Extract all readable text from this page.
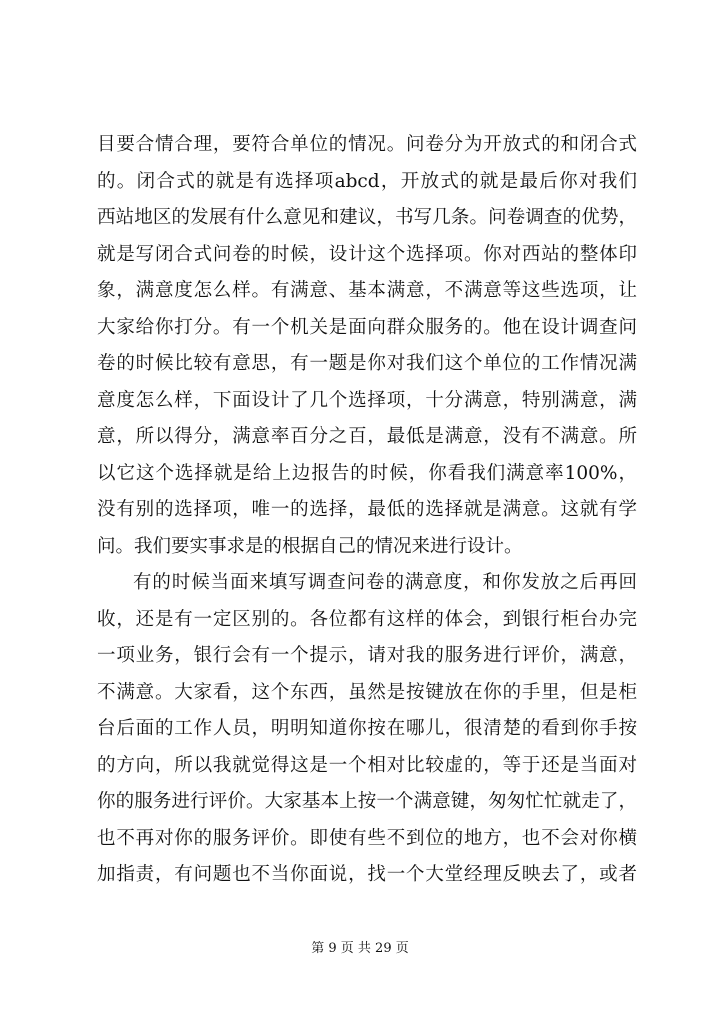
目要合情合理，要符合单位的情况。问卷分为开放式的和闭合式
的。闭合式的就是有选择项abcd，开放式的就是最后你对我们
西站地区的发展有什么意见和建议，书写几条。问卷调查的优势，
就是写闭合式问卷的时候，设计这个选择项。你对西站的整体印
象，满意度怎么样。有满意、基本满意，不满意等这些选项，让
大家给你打分。有一个机关是面向群众服务的。他在设计调查问
卷的时候比较有意思，有一题是你对我们这个单位的工作情况满
意度怎么样，下面设计了几个选择项，十分满意，特别满意，满
意，所以得分，满意率百分之百，最低是满意，没有不满意。所
以它这个选择就是给上边报告的时候，你看我们满意率100%，
没有别的选择项，唯一的选择，最低的选择就是满意。这就有学
问。我们要实事求是的根据自己的情况来进行设计。
有的时候当面来填写调查问卷的满意度，和你发放之后再回
收，还是有一定区别的。各位都有这样的体会，到银行柜台办完
一项业务，银行会有一个提示，请对我的服务进行评价，满意，
不满意。大家看，这个东西，虽然是按键放在你的手里，但是柜
台后面的工作人员，明明知道你按在哪儿，很清楚的看到你手按
的方向，所以我就觉得这是一个相对比较虚的，等于还是当面对
你的服务进行评价。大家基本上按一个满意键，匆匆忙忙就走了，
也不再对你的服务评价。即使有些不到位的地方，也不会对你横
加指责，有问题也不当你面说，找一个大堂经理反映去了，或者
第 9 页 共 29 页
